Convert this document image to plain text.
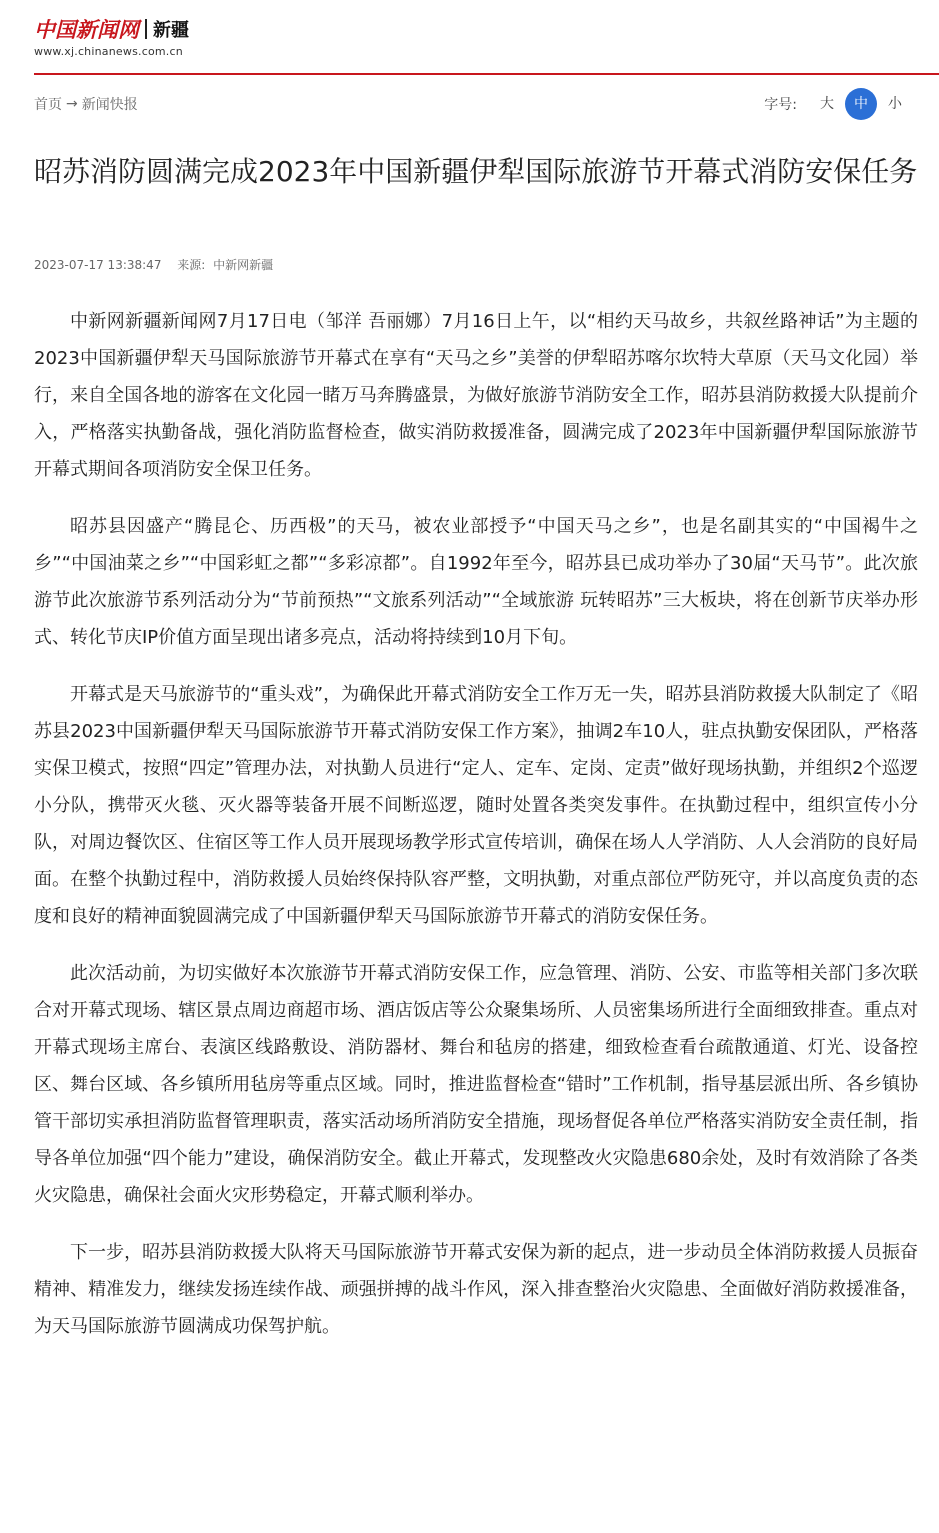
中国新闻网 新疆
www.xj.chinanews.com.cn
首页 → 新闻快报	字号:	大	中	小
昭苏消防圆满完成2023年中国新疆伊犁国际旅游节开幕式消防安保任务
2023-07-17 13:38:47 来源: 中新网新疆

中新网新疆新闻网7月17日电（邹洋 吾丽娜）7月16日上午，以“相约天马故乡，共叙丝路神话”为主题的2023中国新疆伊犁天马国际旅游节开幕式在享有“天马之乡”美誉的伊犁昭苏喀尔坎特大草原（天马文化园）举行，来自全国各地的游客在文化园一睹万马奔腾盛景，为做好旅游节消防安全工作，昭苏县消防救援大队提前介入，严格落实执勤备战，强化消防监督检查，做实消防救援准备，圆满完成了2023年中国新疆伊犁国际旅游节开幕式期间各项消防安全保卫任务。

昭苏县因盛产“腾昆仑、历西极”的天马，被农业部授予“中国天马之乡”，也是名副其实的“中国褐牛之乡”“中国油菜之乡”“中国彩虹之都”“多彩凉都”。自1992年至今，昭苏县已成功举办了30届“天马节”。此次旅游节此次旅游节系列活动分为“节前预热”“文旅系列活动”“全域旅游 玩转昭苏”三大板块，将在创新节庆举办形式、转化节庆IP价值方面呈现出诸多亮点，活动将持续到10月下旬。

开幕式是天马旅游节的“重头戏”，为确保此开幕式消防安全工作万无一失，昭苏县消防救援大队制定了《昭苏县2023中国新疆伊犁天马国际旅游节开幕式消防安保工作方案》，抽调2车10人，驻点执勤安保团队，严格落实保卫模式，按照“四定”管理办法，对执勤人员进行“定人、定车、定岗、定责”做好现场执勤，并组织2个巡逻小分队，携带灭火毯、灭火器等装备开展不间断巡逻，随时处置各类突发事件。在执勤过程中，组织宣传小分队，对周边餐饮区、住宿区等工作人员开展现场教学形式宣传培训，确保在场人人学消防、人人会消防的良好局面。在整个执勤过程中，消防救援人员始终保持队容严整，文明执勤，对重点部位严防死守，并以高度负责的态度和良好的精神面貌圆满完成了中国新疆伊犁天马国际旅游节开幕式的消防安保任务。

此次活动前，为切实做好本次旅游节开幕式消防安保工作，应急管理、消防、公安、市监等相关部门多次联合对开幕式现场、辖区景点周边商超市场、酒店饭店等公众聚集场所、人员密集场所进行全面细致排查。重点对开幕式现场主席台、表演区线路敷设、消防器材、舞台和毡房的搭建，细致检查看台疏散通道、灯光、设备控区、舞台区域、各乡镇所用毡房等重点区域。同时，推进监督检查“错时”工作机制，指导基层派出所、各乡镇协管干部切实承担消防监督管理职责，落实活动场所消防安全措施，现场督促各单位严格落实消防安全责任制，指导各单位加强“四个能力”建设，确保消防安全。截止开幕式，发现整改火灾隐患680余处，及时有效消除了各类火灾隐患，确保社会面火灾形势稳定，开幕式顺利举办。

下一步，昭苏县消防救援大队将天马国际旅游节开幕式安保为新的起点，进一步动员全体消防救援人员振奋精神、精准发力，继续发扬连续作战、顽强拼搏的战斗作风，深入排查整治火灾隐患、全面做好消防救援准备，为天马国际旅游节圆满成功保驾护航。
